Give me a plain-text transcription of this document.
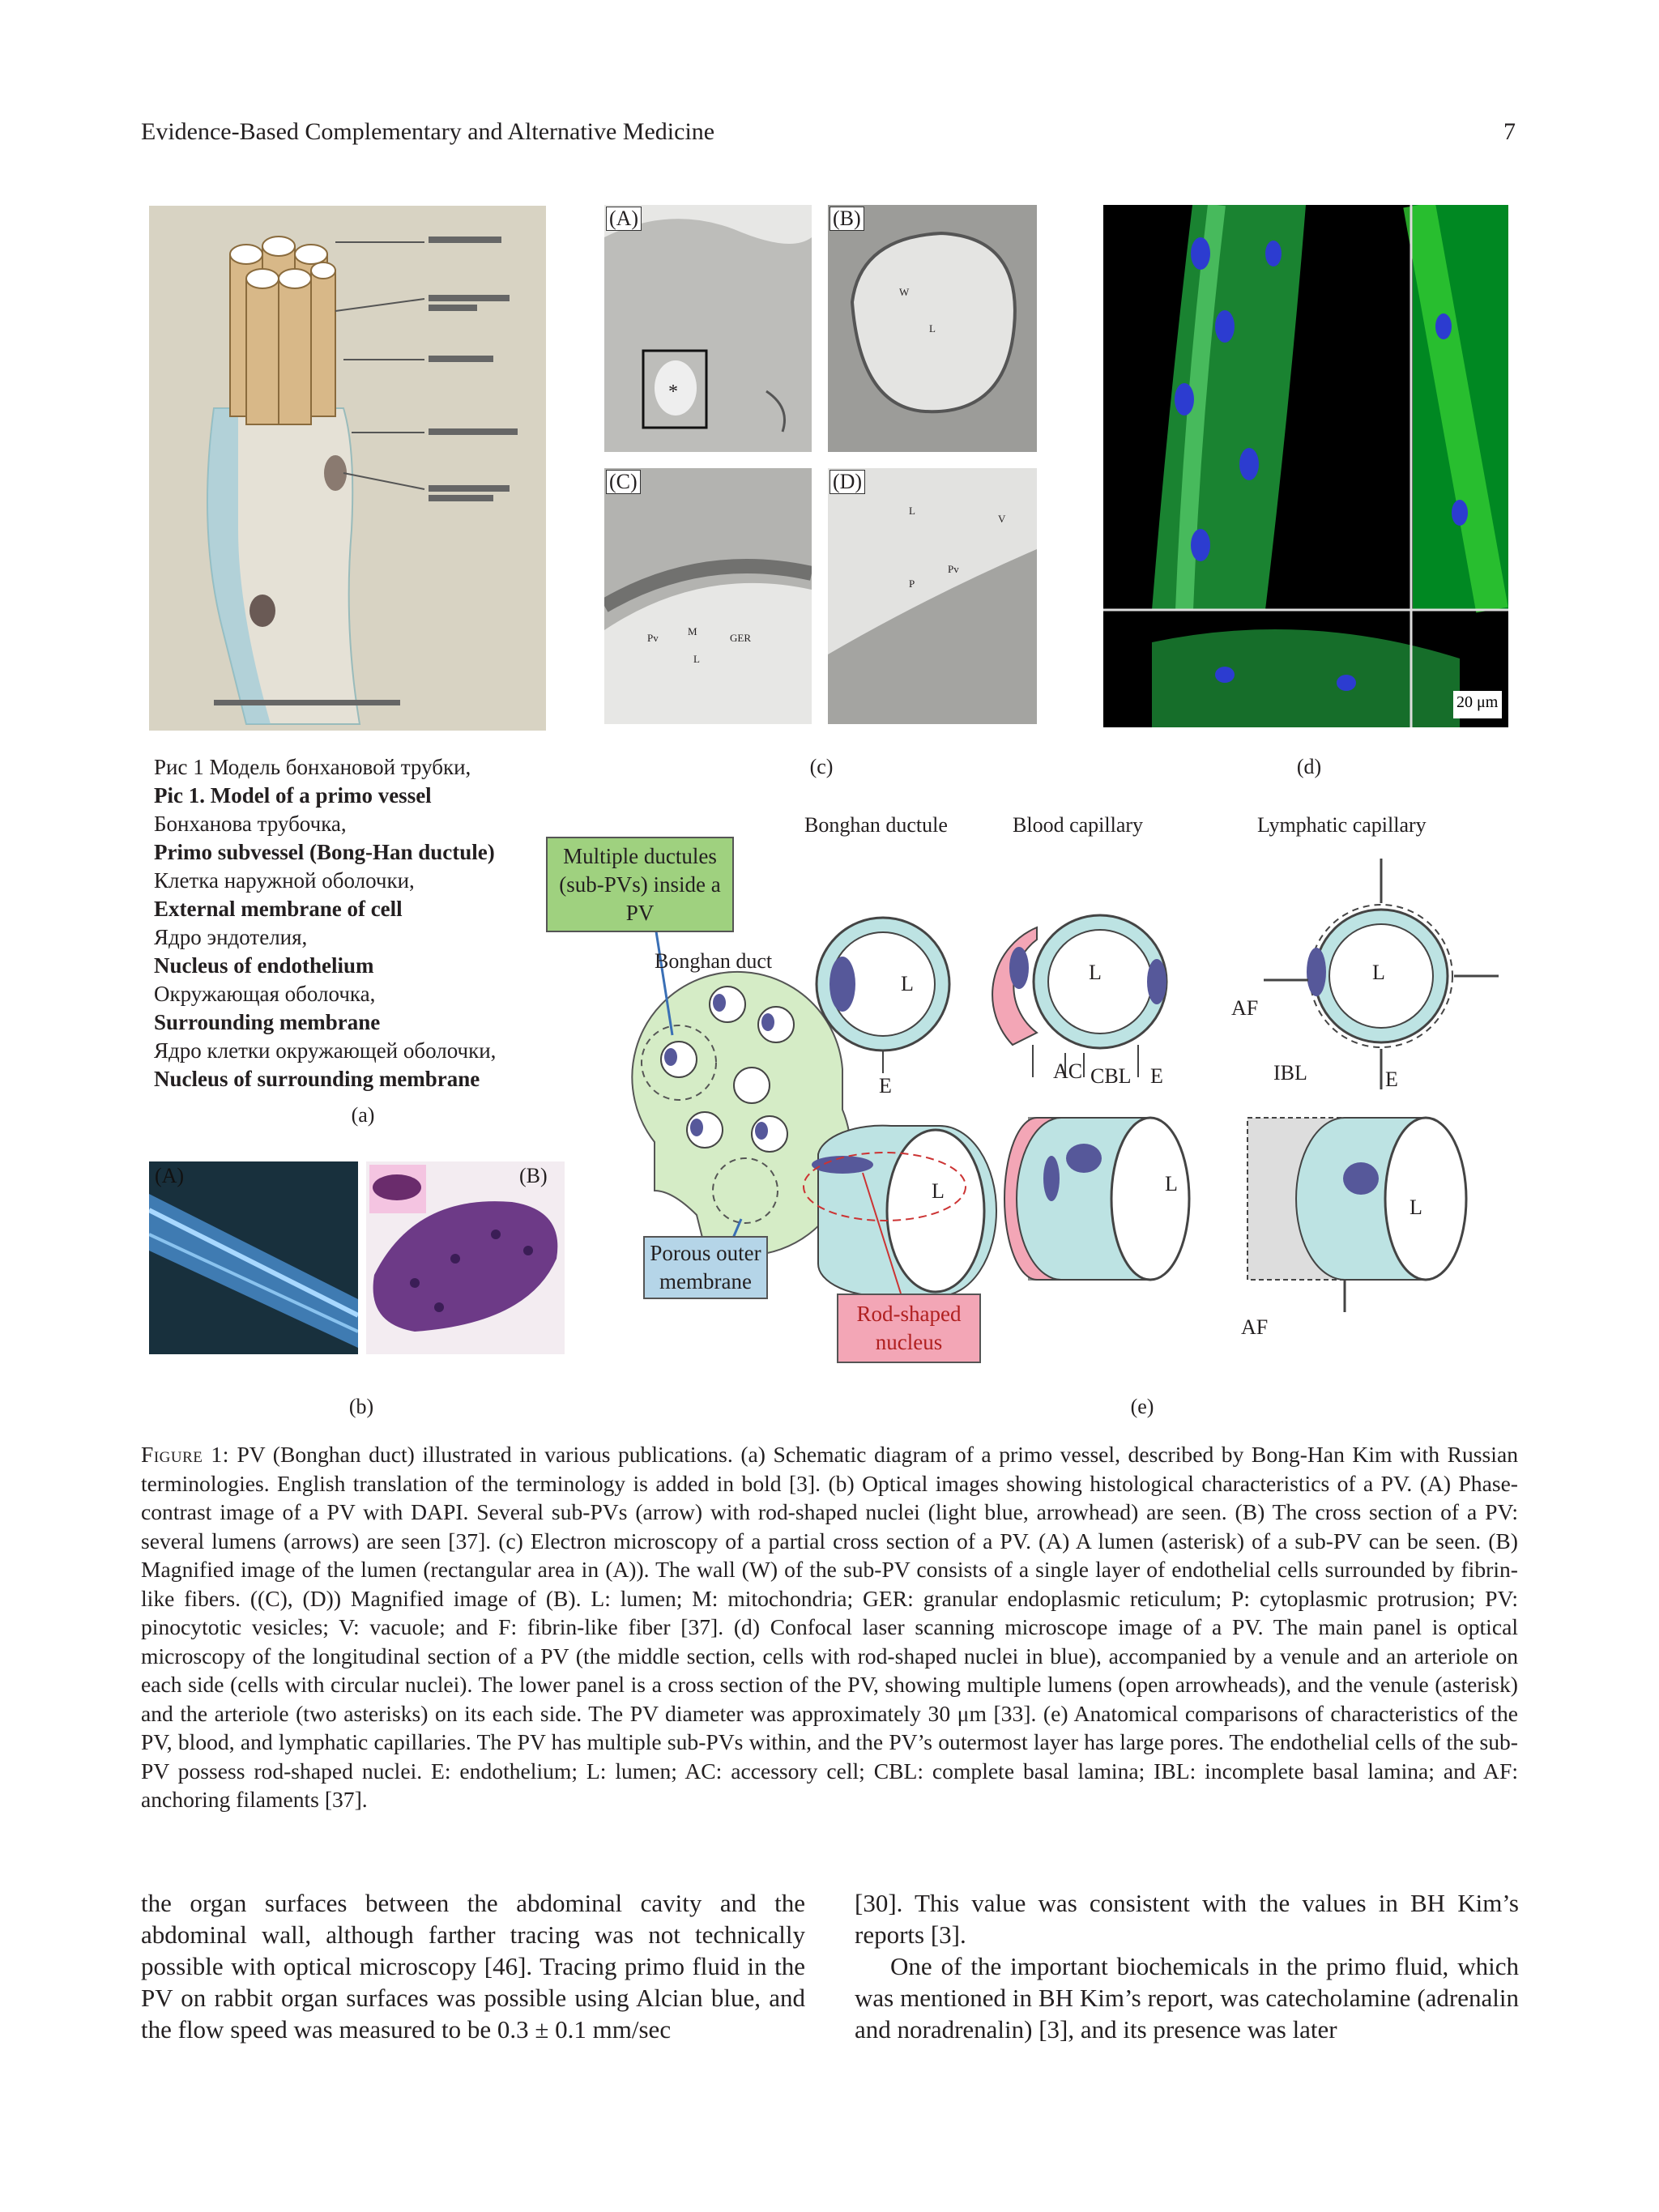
Evidence-Based Complementary and Alternative Medicine	7
Рис 1 Модель бонхановой трубки,
Pic 1. Model of a primo vessel
Бонханова трубочка,
Primo subvessel (Bong-Han ductule)
Клетка наружной оболочки,
External membrane of cell
Ядро эндотелия,
Nucleus of endothelium
Окружающая оболочка,
Surrounding membrane
Ядро клетки окружающей оболочки,
Nucleus of surrounding membrane
(a)
(A)
*
(B)
W
L
(C)
Pv
M
GER
L
(D)
L
V
Pv
P
(c)
20 μm
(d)
(A)	(B)
(b)
Bonghan ductule	Blood capillary	Lymphatic capillary
Bonghan duct
Multiple ductules (sub-PVs) inside a PV
Porous outer membrane
Rod-shaped nucleus
L
E
L
L
AC CBL E
L
L
AF
IBL	E
L
AF
(e)
Figure 1: PV (Bonghan duct) illustrated in various publications. (a) Schematic diagram of a primo vessel, described by Bong-Han Kim with Russian terminologies. English translation of the terminology is added in bold [3]. (b) Optical images showing histological characteristics of a PV. (A) Phase-contrast image of a PV with DAPI. Several sub-PVs (arrow) with rod-shaped nuclei (light blue, arrowhead) are seen. (B) The cross section of a PV: several lumens (arrows) are seen [37]. (c) Electron microscopy of a partial cross section of a PV. (A) A lumen (asterisk) of a sub-PV can be seen. (B) Magnified image of the lumen (rectangular area in (A)). The wall (W) of the sub-PV consists of a single layer of endothelial cells surrounded by fibrin-like fibers. ((C), (D)) Magnified image of (B). L: lumen; M: mitochondria; GER: granular endoplasmic reticulum; P: cytoplasmic protrusion; PV: pinocytotic vesicles; V: vacuole; and F: fibrin-like fiber [37]. (d) Confocal laser scanning microscope image of a PV. The main panel is optical microscopy of the longitudinal section of a PV (the middle section, cells with rod-shaped nuclei in blue), accompanied by a venule and an arteriole on each side (cells with circular nuclei). The lower panel is a cross section of the PV, showing multiple lumens (open arrowheads), and the venule (asterisk) and the arteriole (two asterisks) on its each side. The PV diameter was approximately 30 μm [33]. (e) Anatomical comparisons of characteristics of the PV, blood, and lymphatic capillaries. The PV has multiple sub-PVs within, and the PV’s outermost layer has large pores. The endothelial cells of the sub-PV possess rod-shaped nuclei. E: endothelium; L: lumen; AC: accessory cell; CBL: complete basal lamina; IBL: incomplete basal lamina; and AF: anchoring filaments [37].

the organ surfaces between the abdominal cavity and the abdominal wall, although farther tracing was not technically possible with optical microscopy [46]. Tracing primo fluid in the PV on rabbit organ surfaces was possible using Alcian blue, and the flow speed was measured to be 0.3 ± 0.1 mm/sec

[30]. This value was consistent with the values in BH Kim’s reports [3].

One of the important biochemicals in the primo fluid, which was mentioned in BH Kim’s report, was catecholamine (adrenalin and noradrenalin) [3], and its presence was later
